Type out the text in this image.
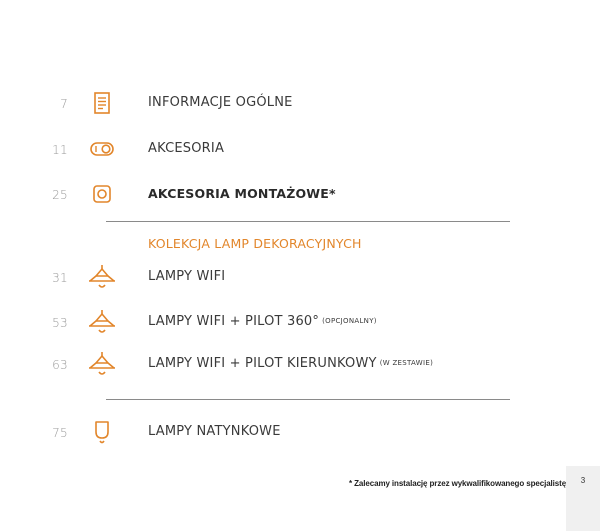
7	INFORMACJE OGÓLNE
11	AKCESORIA
25	AKCESORIA MONTAŻOWE*
KOLEKCJA LAMP DEKORACYJNYCH
31	LAMPY WIFI
53	LAMPY WIFI + PILOT 360° (OPCJONALNY)
63	LAMPY WIFI + PILOT KIERUNKOWY (W ZESTAWIE)
75	LAMPY NATYNKOWE
* Zalecamy instalację przez wykwalifikowanego specjalistę	3
